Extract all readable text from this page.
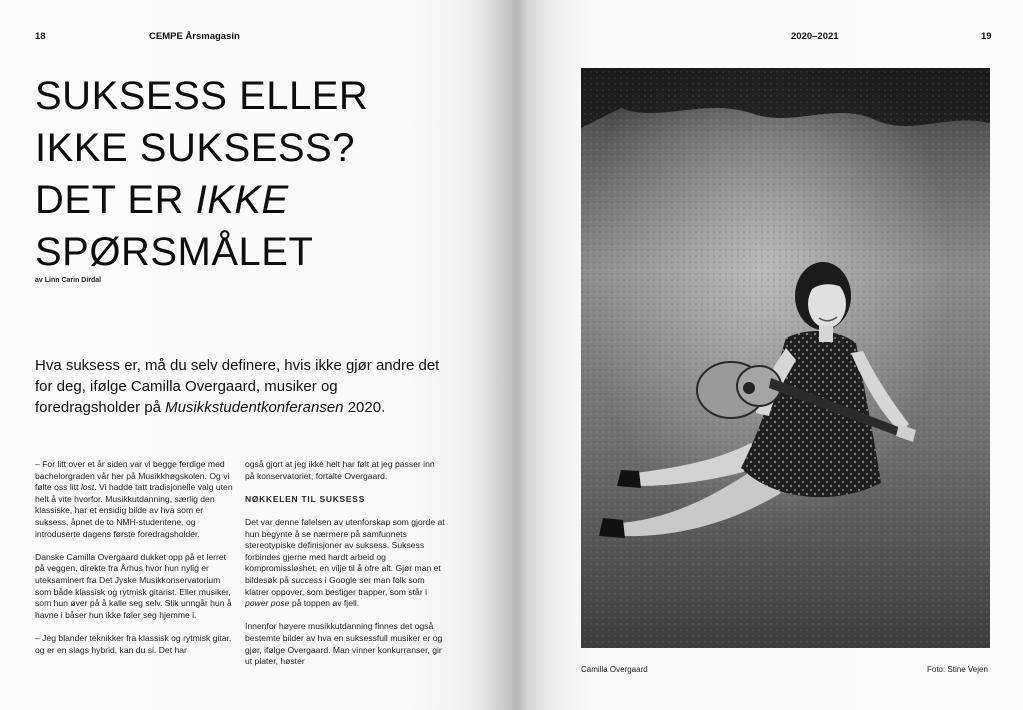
18	CEMPE Årsmagasin
SUKSESS ELLER
IKKE SUKSESS?
DET ER IKKE
SPØRSMÅLET
av Linn Carin Dirdal

Hva suksess er, må du selv definere, hvis ikke gjør andre det for deg, ifølge Camilla Overgaard, musiker og foredragsholder på Musikkstudentkonferansen 2020.

– For litt over et år siden var vi begge ferdige med bachelorgraden vår her på Musikkhøgskolen. Og vi følte oss litt lost. Vi hadde tatt tradisjonelle valg uten helt å vite hvorfor. Musikkutdanning, særlig den klassiske, har et ensidig bilde av hva som er suksess, åpnet de to NMH-studentene, og introduserte dagens første foredragsholder.

Danske Camilla Overgaard dukket opp på et lerret på veggen, direkte fra Århus hvor hun nylig er uteksaminert fra Det Jyske Musikkonservatorium som både klassisk og rytmisk gitarist. Eller musiker, som hun øver på å kalle seg selv. Slik unngår hun å havne i båser hun ikke føler seg hjemme i.

– Jeg blander teknikker fra klassisk og rytmisk gitar, og er en slags hybrid, kan du si. Det har

også gjort at jeg ikke helt har følt at jeg passer inn på konservatoriet, fortalte Overgaard.

NØKKELEN TIL SUKSESS

Det var denne følelsen av utenforskap som gjorde at hun begynte å se nærmere på samfunnets stereotypiske definisjoner av suksess. Suksess forbindes gjerne med hardt arbeid og kompromissløshet, en vilje til å ofre alt. Gjør man et bildesøk på success i Google ser man folk som klatrer oppover, som bestiger trapper, som står i power pose på toppen av fjell.

Innenfor høyere musikkutdanning finnes det også bestemte bilder av hva en suksessfull musiker er og gjør, ifølge Overgaard. Man vinner konkurranser, gir ut plater, høster

2020–2021	19
Camilla Overgaard	Foto: Stine Vejen
